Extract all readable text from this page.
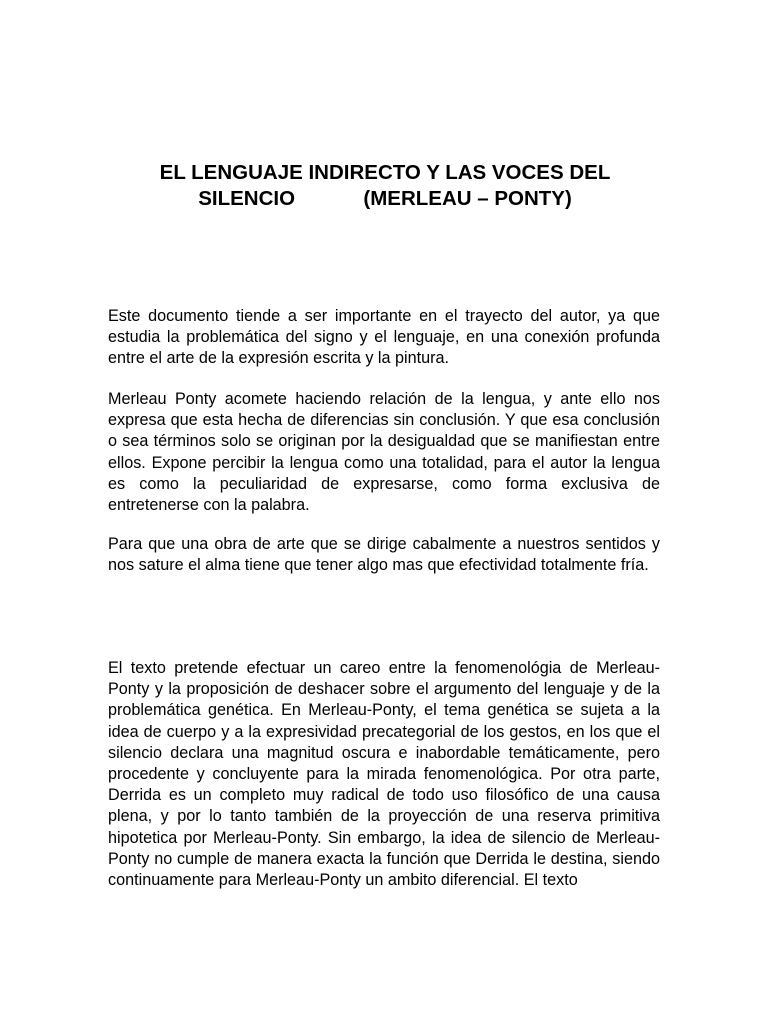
EL LENGUAJE INDIRECTO Y LAS VOCES DEL
SILENCIO            (MERLEAU – PONTY)

Este documento tiende a ser importante en el trayecto del autor, ya que estudia la problemática del signo y el lenguaje, en una conexión profunda entre el arte de la expresión escrita y la pintura.

Merleau Ponty acomete haciendo relación de la lengua, y ante ello nos expresa que esta hecha de diferencias sin conclusión. Y que esa conclusión o sea términos solo se originan por la desigualdad que se manifiestan entre ellos. Expone percibir la lengua como una totalidad, para el autor la lengua es como la peculiaridad de expresarse, como forma exclusiva de entretenerse con la palabra.

Para que una obra de arte que se dirige cabalmente a nuestros sentidos y nos sature el alma tiene que tener algo mas que efectividad totalmente fría.

El texto pretende efectuar un careo entre la fenomenológia de Merleau-Ponty y la proposición de deshacer sobre el argumento del lenguaje y de la problemática genética. En Merleau-Ponty, el tema genética se sujeta a la idea de cuerpo y a la expresividad precategorial de los gestos, en los que el silencio declara una magnitud oscura e inabordable temáticamente, pero procedente y concluyente para la mirada fenomenológica. Por otra parte, Derrida es un completo muy radical de todo uso filosófico de una causa plena, y por lo tanto también de la proyección de una reserva primitiva hipotetica por Merleau-Ponty. Sin embargo, la idea de silencio de Merleau-Ponty no cumple de manera exacta la función que Derrida le destina, siendo continuamente para Merleau-Ponty un ambito diferencial. El texto
